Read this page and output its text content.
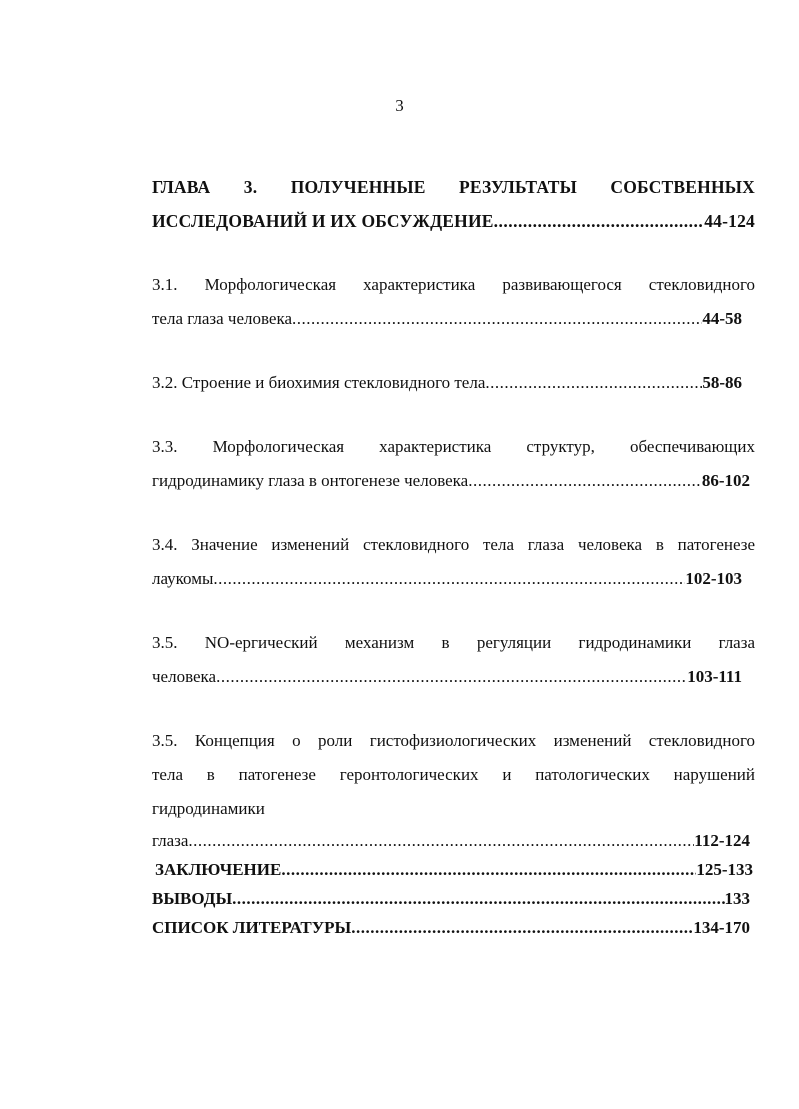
3
ГЛАВА 3. ПОЛУЧЕННЫЕ РЕЗУЛЬТАТЫ СОБСТВЕННЫХ
ИССЛЕДОВАНИЙ И ИХ ОБСУЖДЕНИЕ .....	44-124
3.1. Морфологическая характеристика развивающегося стекловидного
тела глаза человека .....	44-58
3.2. Строение и биохимия стекловидного тела .....	58-86
3.3. Морфологическая характеристика структур, обеспечивающих
гидродинамику глаза в онтогенезе человека .....	86-102
3.4. Значение изменений стекловидного тела глаза человека в патогенезе
лаукомы .....	102-103
3.5. NO-ергический механизм в регуляции гидродинамики глаза
человека .....	103-111
3.5. Концепция о роли гистофизиологических изменений стекловидного
тела в патогенезе геронтологических и патологических нарушений
гидродинамики
глаза .....	112-124
ЗАКЛЮЧЕНИЕ .....	125-133
ВЫВОДЫ .....	133
СПИСОК ЛИТЕРАТУРЫ .....	134-170
